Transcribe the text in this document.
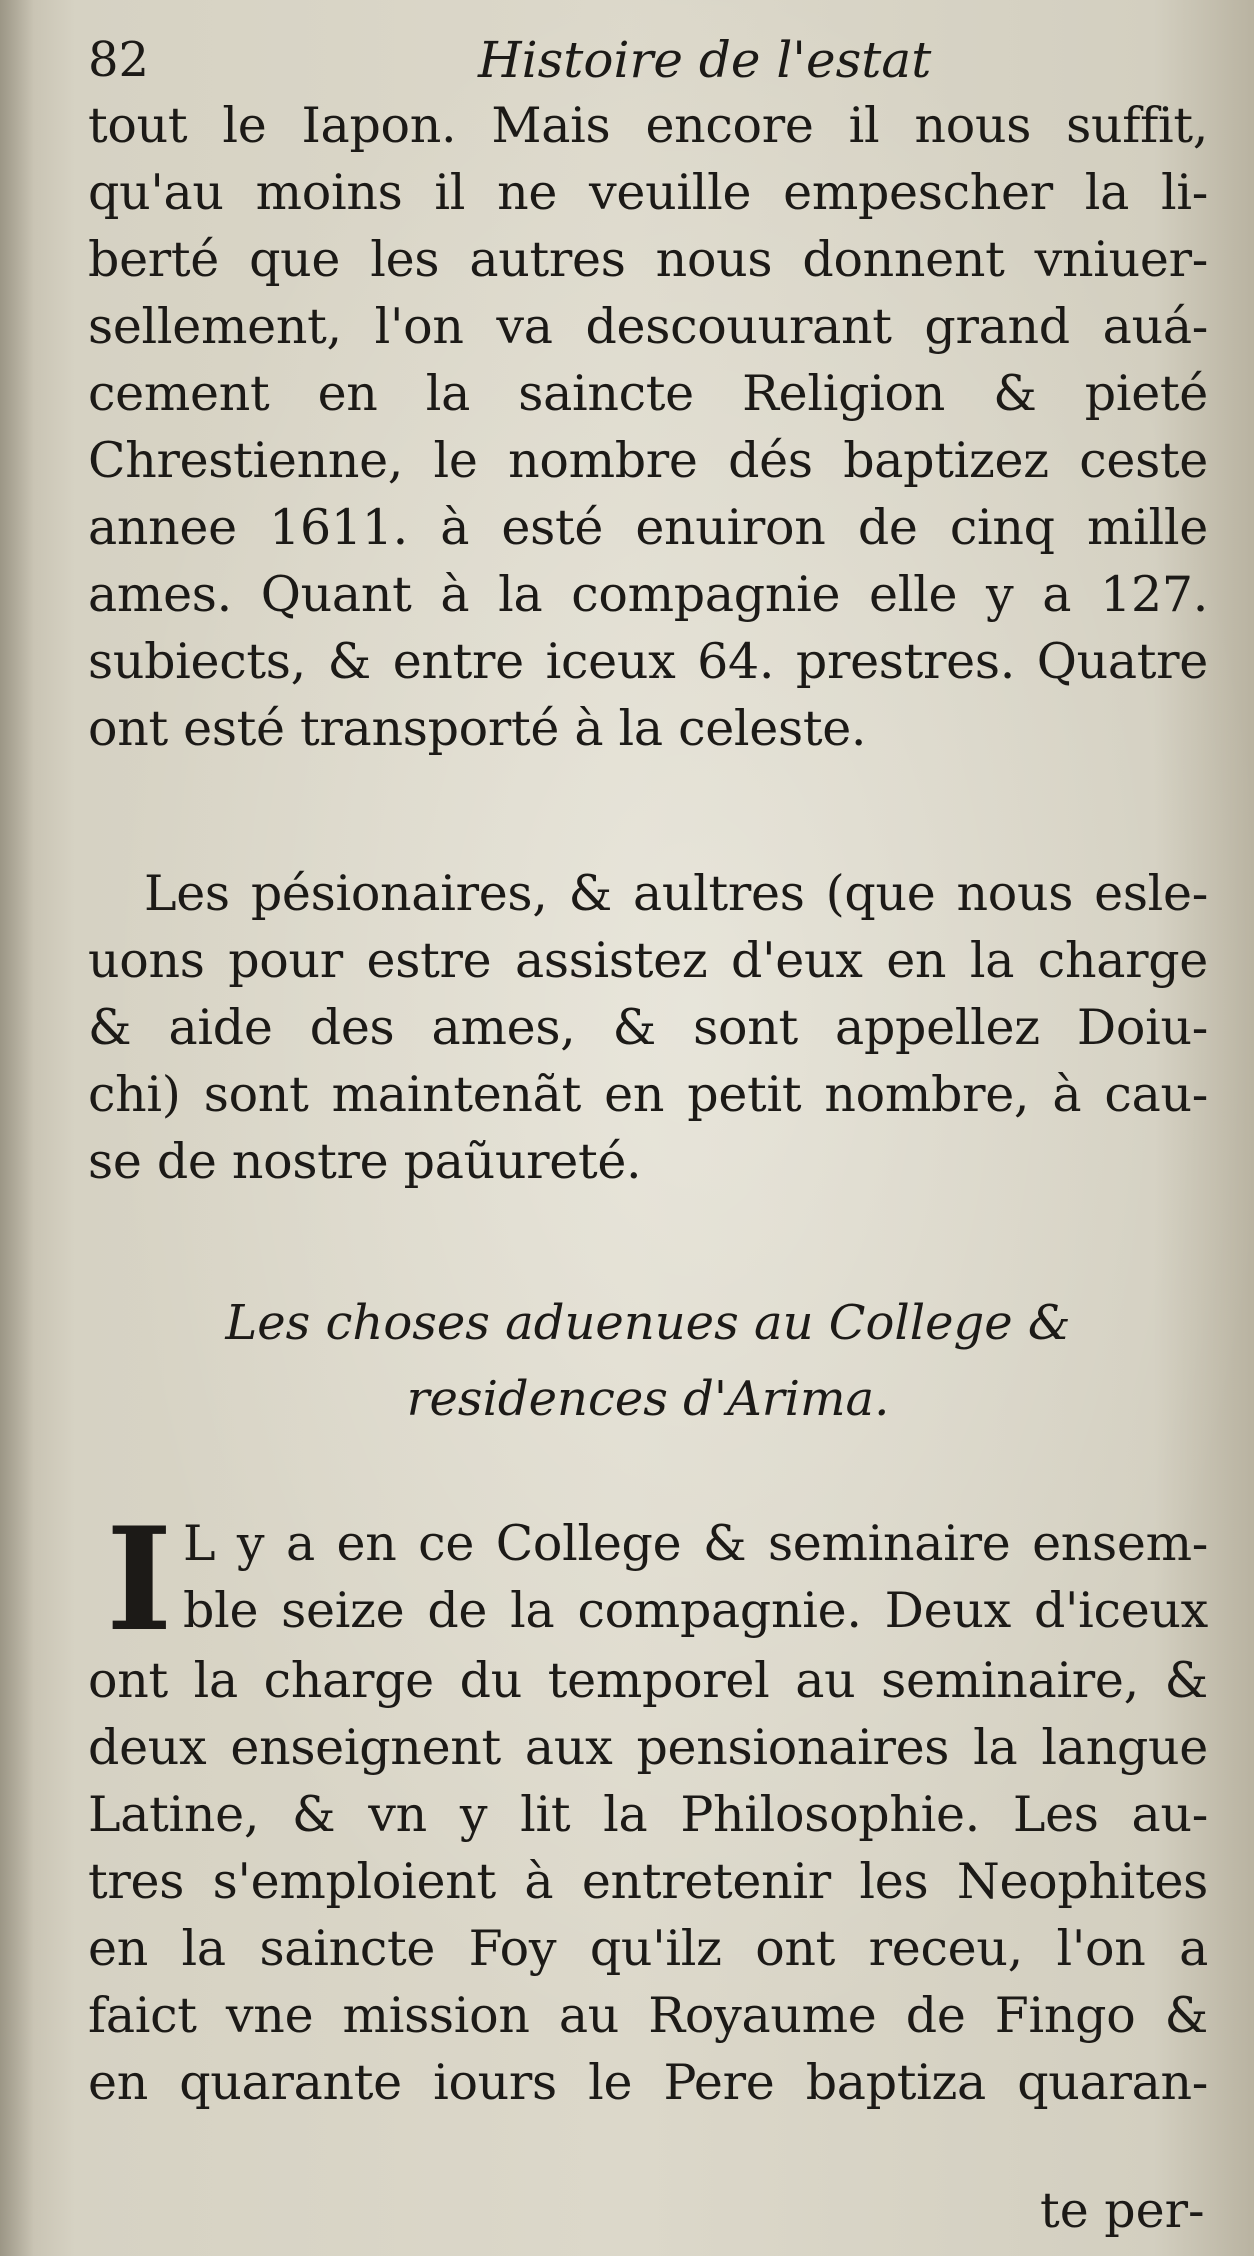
82	Histoire de l'estat
tout le Iapon. Mais encore il nous suffit,
qu'au moins il ne veuille empescher la li-
berté que les autres nous donnent vniuer-
sellement, l'on va descouurant grand auá-
cement en la saincte Religion & pieté
Chrestienne, le nombre dés baptizez ceste
annee 1611. à esté enuiron de cinq mille
ames. Quant à la compagnie elle y a 127.
subiects, & entre iceux 64. prestres. Quatre
ont esté transporté à la celeste.
Les pésionaires, & aultres (que nous esle-
uons pour estre assistez d'eux en la charge
& aide des ames, & sont appellez Doiu-
chi) sont maintenãt en petit nombre, à cau-
se de nostre paũureté.
Les choses aduenues au College &
residences d'Arima.
I L y a en ce College & seminaire ensem-
ble seize de la compagnie. Deux d'iceux
ont la charge du temporel au seminaire, &
deux enseignent aux pensionaires la langue
Latine, & vn y lit la Philosophie. Les au-
tres s'emploient à entretenir les Neophites
en la saincte Foy qu'ilz ont receu, l'on a
faict vne mission au Royaume de Fingo &
en quarante iours le Pere baptiza quaran-
te per-
